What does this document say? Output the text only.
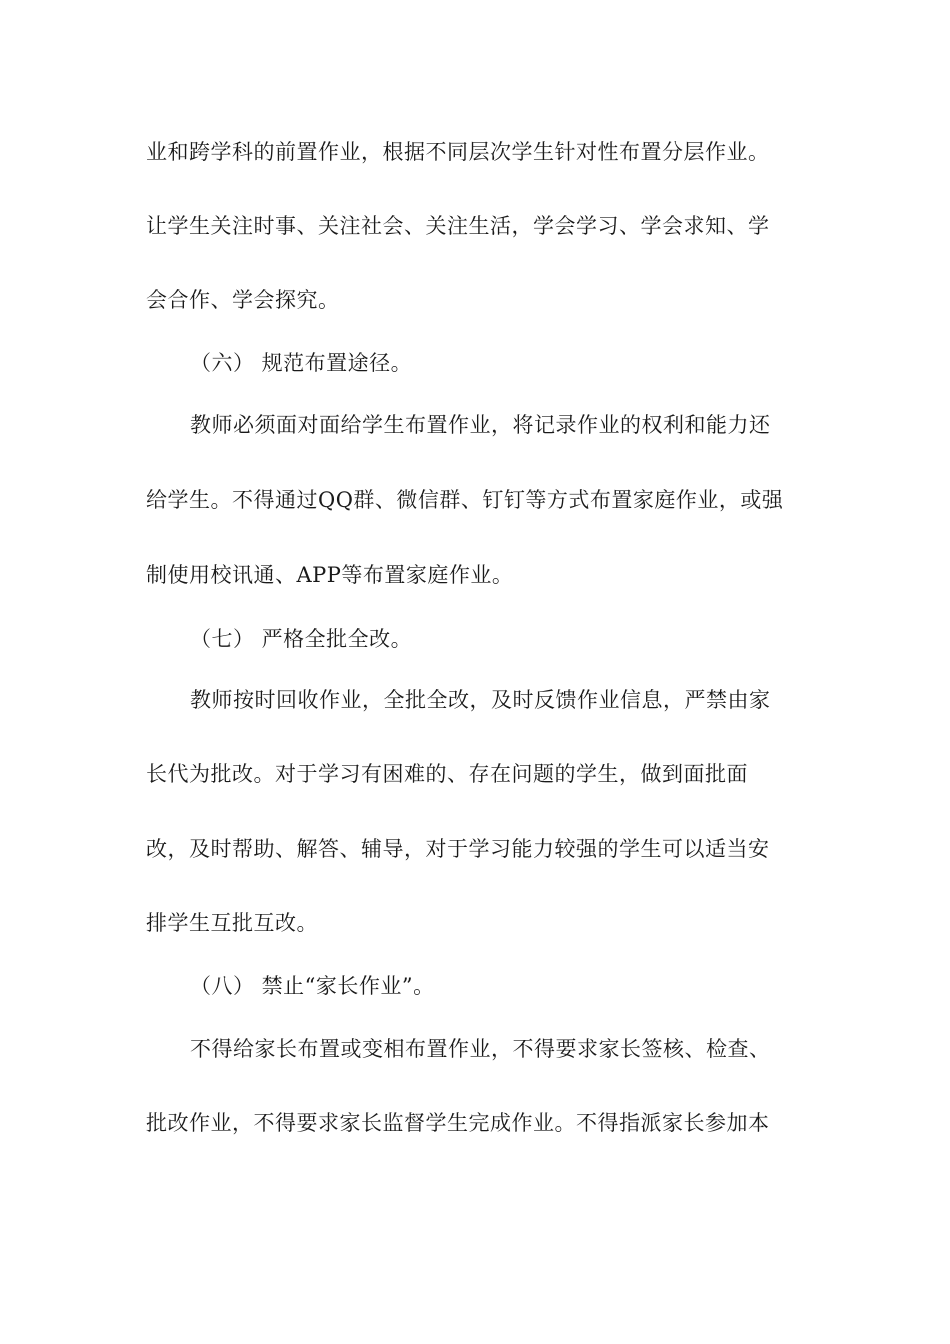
业和跨学科的前置作业，根据不同层次学生针对性布置分层作业。
让学生关注时事、关注社会、关注生活，学会学习、学会求知、学
会合作、学会探究。
（六） 规范布置途径。
教师必须面对面给学生布置作业，将记录作业的权利和能力还
给学生。不得通过QQ群、微信群、钉钉等方式布置家庭作业，或强
制使用校讯通、APP等布置家庭作业。
（七） 严格全批全改。
教师按时回收作业，全批全改，及时反馈作业信息，严禁由家
长代为批改。对于学习有困难的、存在问题的学生，做到面批面
改，及时帮助、解答、辅导，对于学习能力较强的学生可以适当安
排学生互批互改。
（八） 禁止“家长作业”。
不得给家长布置或变相布置作业，不得要求家长签核、检查、
批改作业，不得要求家长监督学生完成作业。不得指派家长参加本
